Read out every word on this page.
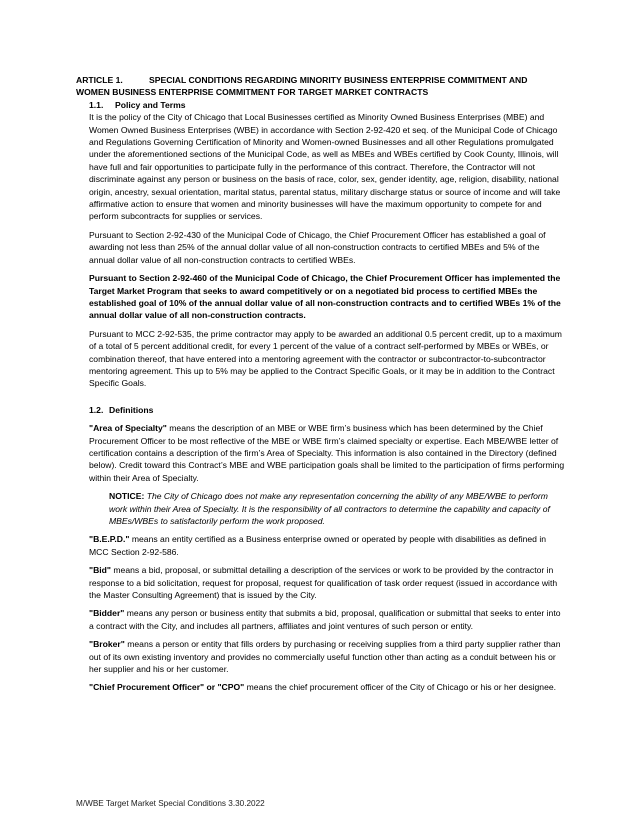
ARTICLE 1.	SPECIAL CONDITIONS REGARDING MINORITY BUSINESS ENTERPRISE COMMITMENT AND
WOMEN BUSINESS ENTERPRISE COMMITMENT FOR TARGET MARKET CONTRACTS
1.1.	Policy and Terms

It is the policy of the City of Chicago that Local Businesses certified as Minority Owned Business Enterprises (MBE) and Women Owned Business Enterprises (WBE) in accordance with Section 2-92-420 et seq. of the Municipal Code of Chicago and Regulations Governing Certification of Minority and Women-owned Businesses and all other Regulations promulgated under the aforementioned sections of the Municipal Code, as well as MBEs and WBEs certified by Cook County, Illinois, will have full and fair opportunities to participate fully in the performance of this contract. Therefore, the Contractor will not discriminate against any person or business on the basis of race, color, sex, gender identity, age, religion, disability, national origin, ancestry, sexual orientation, marital status, parental status, military discharge status or source of income and will take affirmative action to ensure that women and minority businesses will have the maximum opportunity to compete for and perform subcontracts for supplies or services.

Pursuant to Section 2-92-430 of the Municipal Code of Chicago, the Chief Procurement Officer has established a goal of awarding not less than 25% of the annual dollar value of all non-construction contracts to certified MBEs and 5% of the annual dollar value of all non-construction contracts to certified WBEs.

Pursuant to Section 2-92-460 of the Municipal Code of Chicago, the Chief Procurement Officer has implemented the Target Market Program that seeks to award competitively or on a negotiated bid process to certified MBEs the established goal of 10% of the annual dollar value of all non-construction contracts and to certified WBEs 1% of the annual dollar value of all non-construction contracts.

Pursuant to MCC 2-92-535, the prime contractor may apply to be awarded an additional 0.5 percent credit, up to a maximum of a total of 5 percent additional credit, for every 1 percent of the value of a contract self-performed by MBEs or WBEs, or combination thereof, that have entered into a mentoring agreement with the contractor or subcontractor-to-subcontractor mentoring agreement. This up to 5% may be applied to the Contract Specific Goals, or it may be in addition to the Contract Specific Goals.

1.2. Definitions

"Area of Specialty" means the description of an MBE or WBE firm’s business which has been determined by the Chief Procurement Officer to be most reflective of the MBE or WBE firm’s claimed specialty or expertise. Each MBE/WBE letter of certification contains a description of the firm’s Area of Specialty. This information is also contained in the Directory (defined below). Credit toward this Contract’s MBE and WBE participation goals shall be limited to the participation of firms performing within their Area of Specialty.

NOTICE: The City of Chicago does not make any representation concerning the ability of any MBE/WBE to perform work within their Area of Specialty. It is the responsibility of all contractors to determine the capability and capacity of MBEs/WBEs to satisfactorily perform the work proposed.

"B.E.P.D." means an entity certified as a Business enterprise owned or operated by people with disabilities as defined in MCC Section 2-92-586.

"Bid" means a bid, proposal, or submittal detailing a description of the services or work to be provided by the contractor in response to a bid solicitation, request for proposal, request for qualification of task order request (issued in accordance with the Master Consulting Agreement) that is issued by the City.

"Bidder" means any person or business entity that submits a bid, proposal, qualification or submittal that seeks to enter into a contract with the City, and includes all partners, affiliates and joint ventures of such person or entity.

"Broker" means a person or entity that fills orders by purchasing or receiving supplies from a third party supplier rather than out of its own existing inventory and provides no commercially useful function other than acting as a conduit between his or her supplier and his or her customer.

"Chief Procurement Officer" or "CPO" means the chief procurement officer of the City of Chicago or his or her designee.

M/WBE Target Market Special Conditions 3.30.2022
